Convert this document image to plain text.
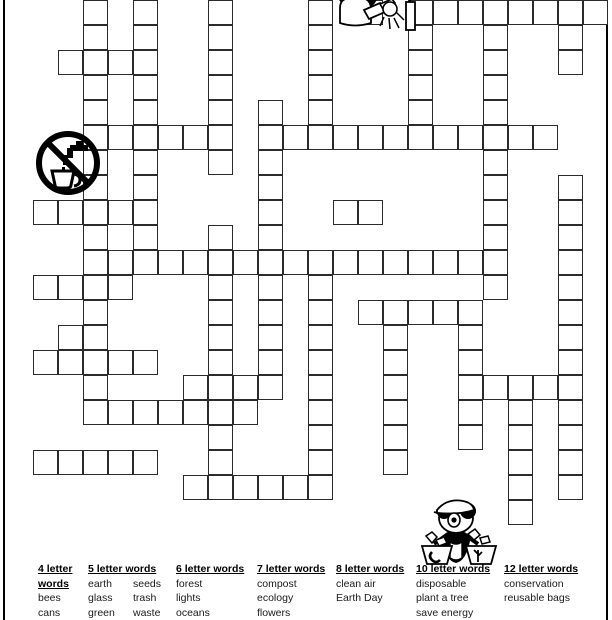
4 letter
words
bees
cans
5 letter words
earth
glass
green
seeds
trash
waste
6 letter words
forest
lights
oceans
7 letter words
compost
ecology
flowers
8 letter words
clean air
Earth Day
10 letter words
disposable
plant a tree
save energy
12 letter words
conservation
reusable bags
